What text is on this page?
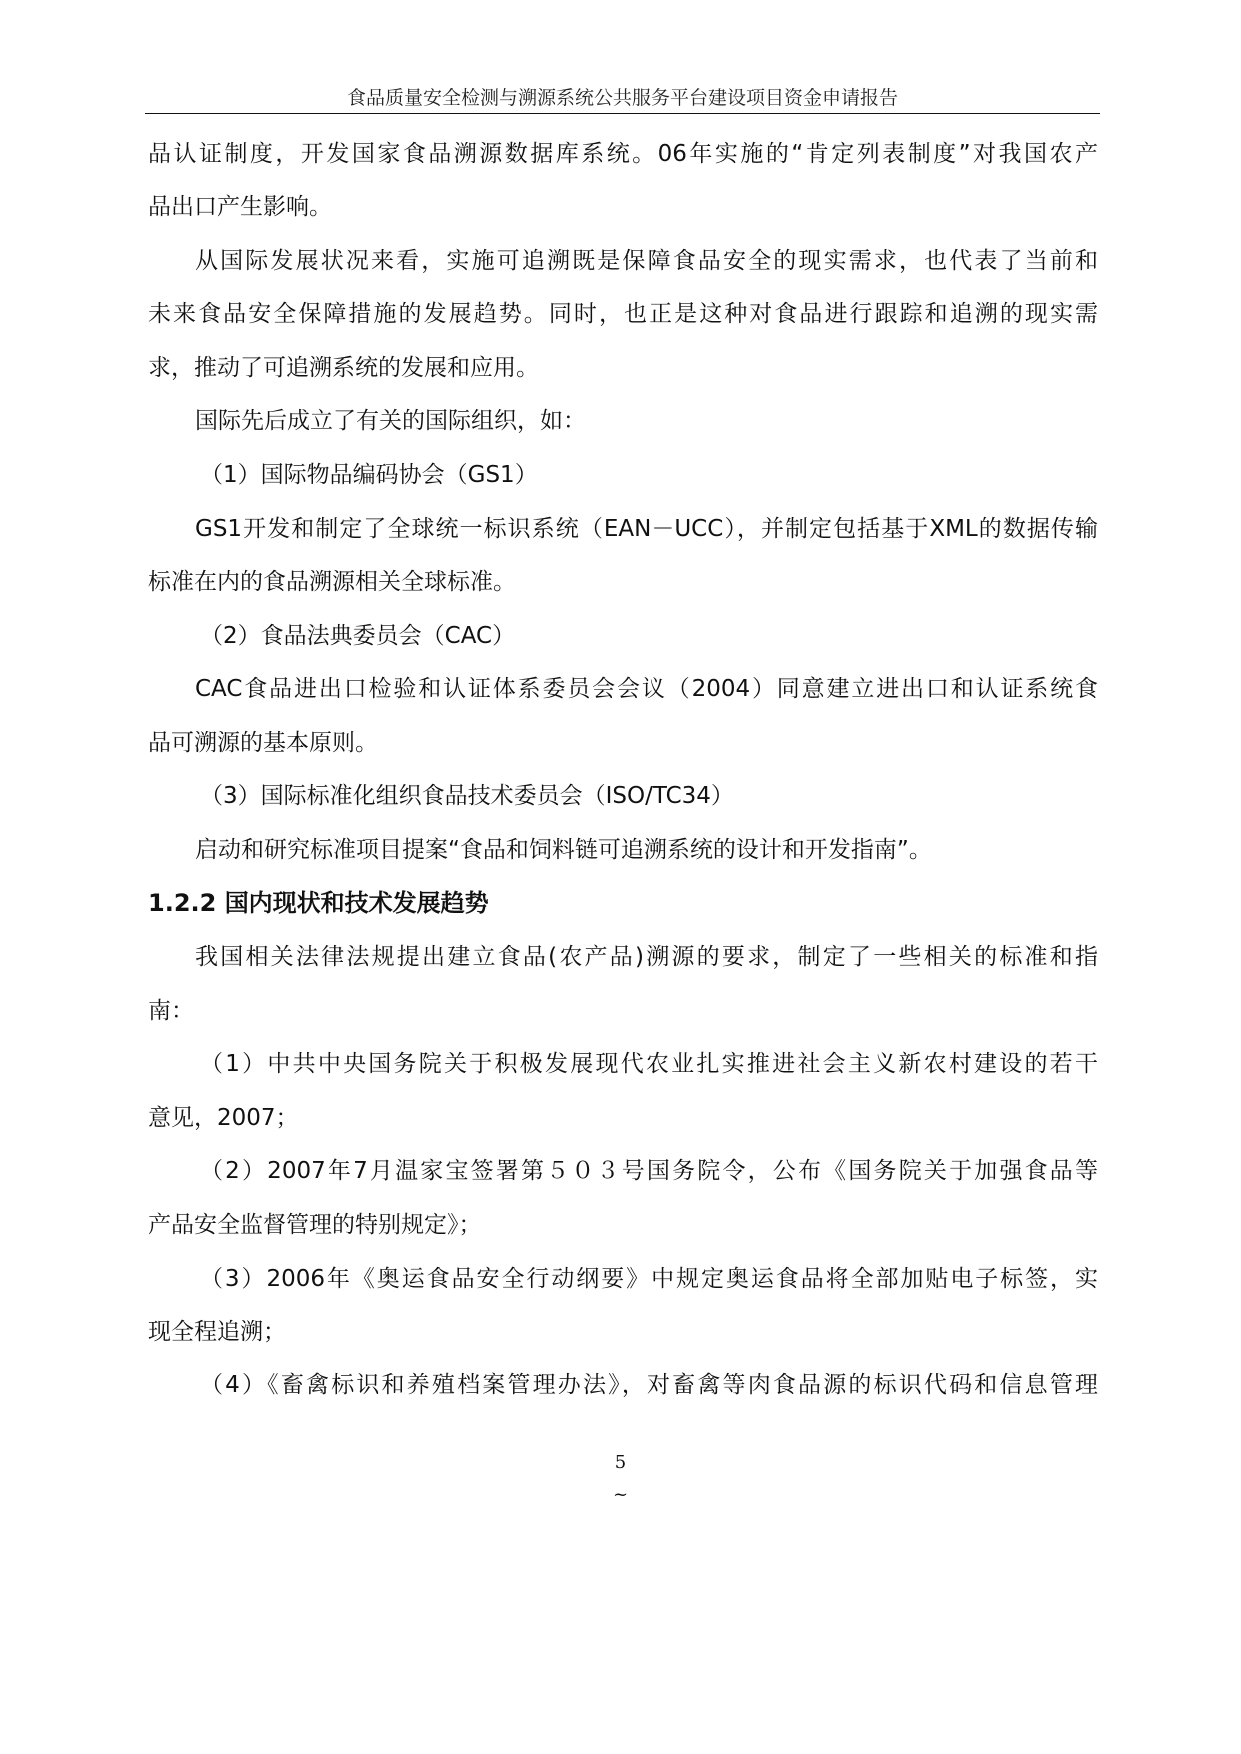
食品质量安全检测与溯源系统公共服务平台建设项目资金申请报告
品认证制度，开发国家食品溯源数据库系统。06年实施的“肯定列表制度”对我国农产
品出口产生影响。
从国际发展状况来看，实施可追溯既是保障食品安全的现实需求，也代表了当前和
未来食品安全保障措施的发展趋势。同时，也正是这种对食品进行跟踪和追溯的现实需
求，推动了可追溯系统的发展和应用。
国际先后成立了有关的国际组织，如：
（1）国际物品编码协会（GS1）
GS1开发和制定了全球统一标识系统（EAN－UCC），并制定包括基于XML的数据传输
标准在内的食品溯源相关全球标准。
（2）食品法典委员会（CAC）
CAC食品进出口检验和认证体系委员会会议（2004）同意建立进出口和认证系统食
品可溯源的基本原则。
（3）国际标准化组织食品技术委员会（ISO/TC34）
启动和研究标准项目提案“食品和饲料链可追溯系统的设计和开发指南”。
1.2.2 国内现状和技术发展趋势
我国相关法律法规提出建立食品(农产品)溯源的要求，制定了一些相关的标准和指
南：
（1）中共中央国务院关于积极发展现代农业扎实推进社会主义新农村建设的若干
意见，2007；
（2）2007年7月温家宝签署第５０３号国务院令，公布《国务院关于加强食品等
产品安全监督管理的特别规定》；
（3）2006年《奥运食品安全行动纲要》中规定奥运食品将全部加贴电子标签，实
现全程追溯；
（4）《畜禽标识和养殖档案管理办法》，对畜禽等肉食品源的标识代码和信息管理
5
~
